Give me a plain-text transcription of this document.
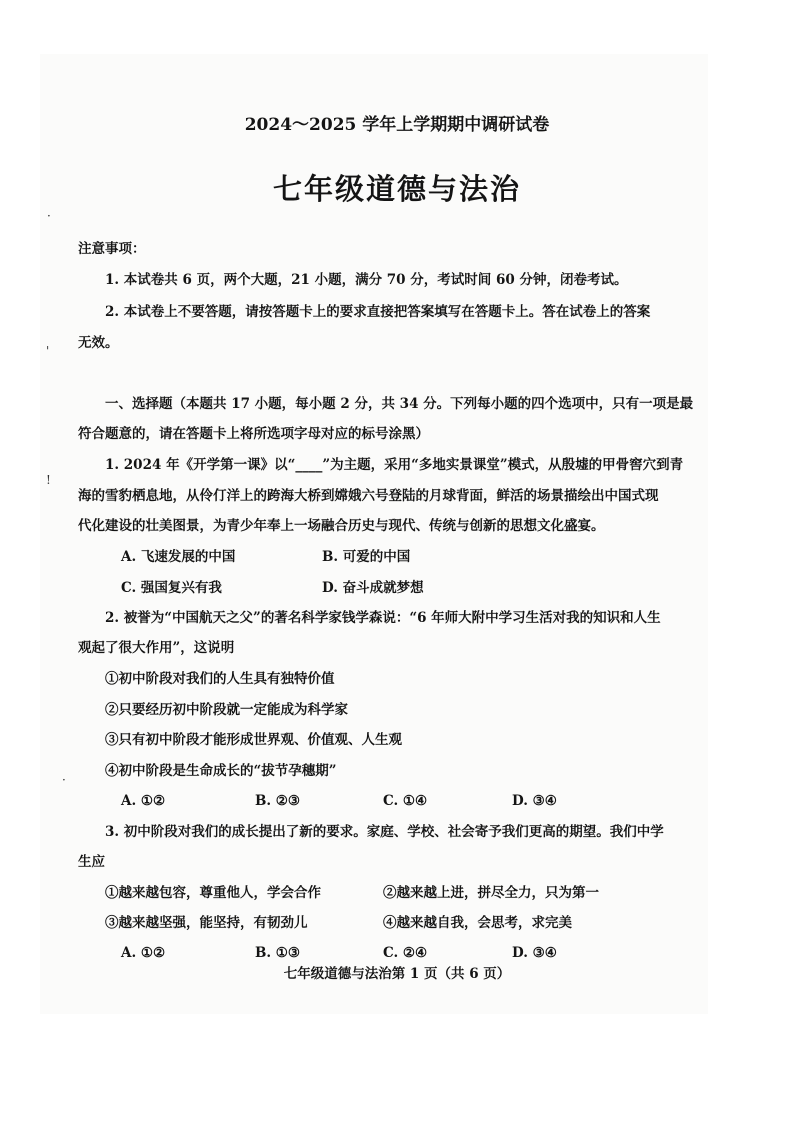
·
'
!
·
2024～2025 学年上学期期中调研试卷
七年级道德与法治
注意事项：
1. 本试卷共 6 页，两个大题，21 小题，满分 70 分，考试时间 60 分钟，闭卷考试。
2. 本试卷上不要答题，请按答题卡上的要求直接把答案填写在答题卡上。答在试卷上的答案
无效。
一、选择题（本题共 17 小题，每小题 2 分，共 34 分。下列每小题的四个选项中，只有一项是最
符合题意的，请在答题卡上将所选项字母对应的标号涂黑）
1. 2024 年《开学第一课》以“____”为主题，采用“多地实景课堂”模式，从殷墟的甲骨窖穴到青
海的雪豹栖息地，从伶仃洋上的跨海大桥到嫦娥六号登陆的月球背面，鲜活的场景描绘出中国式现
代化建设的壮美图景，为青少年奉上一场融合历史与现代、传统与创新的思想文化盛宴。
A. 飞速发展的中国	B. 可爱的中国
C. 强国复兴有我	D. 奋斗成就梦想
2. 被誉为“中国航天之父”的著名科学家钱学森说：“6 年师大附中学习生活对我的知识和人生
观起了很大作用”，这说明
①初中阶段对我们的人生具有独特价值
②只要经历初中阶段就一定能成为科学家
③只有初中阶段才能形成世界观、价值观、人生观
④初中阶段是生命成长的“拔节孕穗期”
A. ①②	B. ②③	C. ①④	D. ③④
3. 初中阶段对我们的成长提出了新的要求。家庭、学校、社会寄予我们更高的期望。我们中学
生应
①越来越包容，尊重他人，学会合作	②越来越上进，拼尽全力，只为第一
③越来越坚强，能坚持，有韧劲儿	④越来越自我，会思考，求完美
A. ①②	B. ①③	C. ②④	D. ③④
七年级道德与法治第 1 页（共 6 页）
